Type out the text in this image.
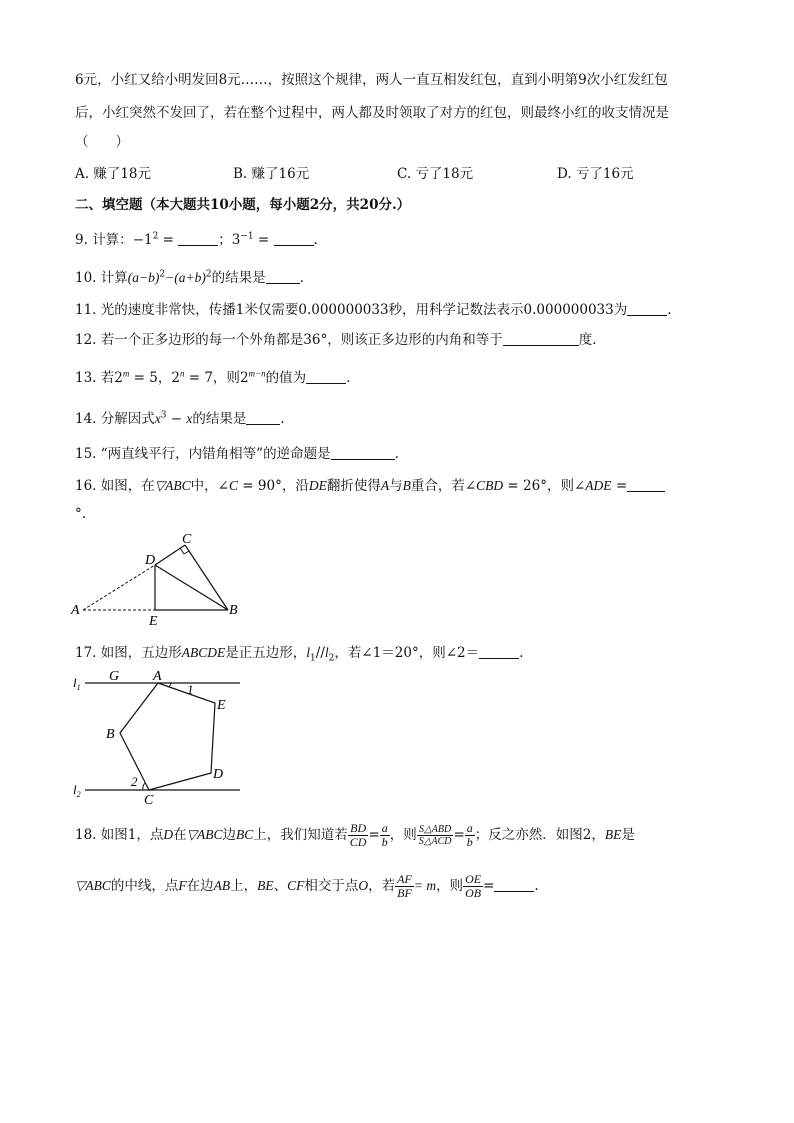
6元，小红又给小明发回8元……，按照这个规律，两人一直互相发红包，直到小明第9次小红发红包
后，小红突然不发回了，若在整个过程中，两人都及时领取了对方的红包，则最终小红的收支情况是
（　　）
A. 赚了18元	B. 赚了16元	C. 亏了18元	D. 亏了16元
二、填空题（本大题共10小题，每小题2分，共20分.）
9. 计算：$-1^2$ =	；$3^{-1}$ =	.
10. 计算$(a-b)^2-(a+b)^2$的结果是	.
11. 光的速度非常快，传播1米仅需要0.000000033秒，用科学记数法表示0.000000033为	.
12. 若一个正多边形的每一个外角都是36°，则该正多边形的内角和等于	度.
13. 若$2^m = 5$，$2^n = 7$，则$2^{m-n}$的值为	.
14. 分解因式$x^3 - x$的结果是	.
15. “两直线平行，内错角相等”的逆命题是	.
16. 如图，在▽ABC中，∠C = 90°，沿DE翻折使得A与B重合，若∠CBD = 26°，则∠ADE =
°.
A	B
C
D
E
17. 如图，五边形ABCDE是正五边形，$l_1//l_2$，若∠1＝20°，则∠2＝	.
$l_1$
$l_2$
G A
1
E
B
D
2
C
18. 如图1，点D在▽ABC边BC上，我们知道若 $\frac{BD}{CD} = \frac{a}{b}$ ，则 $\frac{\text{S△ABD}}{\text{S△ACD}} = \frac{a}{b}$ ；反之亦然．如图2，BE是
▽ABC的中线，点F在边AB上，BE、CF相交于点O，若 $\frac{AF}{BF} = m$，则 $\frac{OE}{OB}$ =	.
